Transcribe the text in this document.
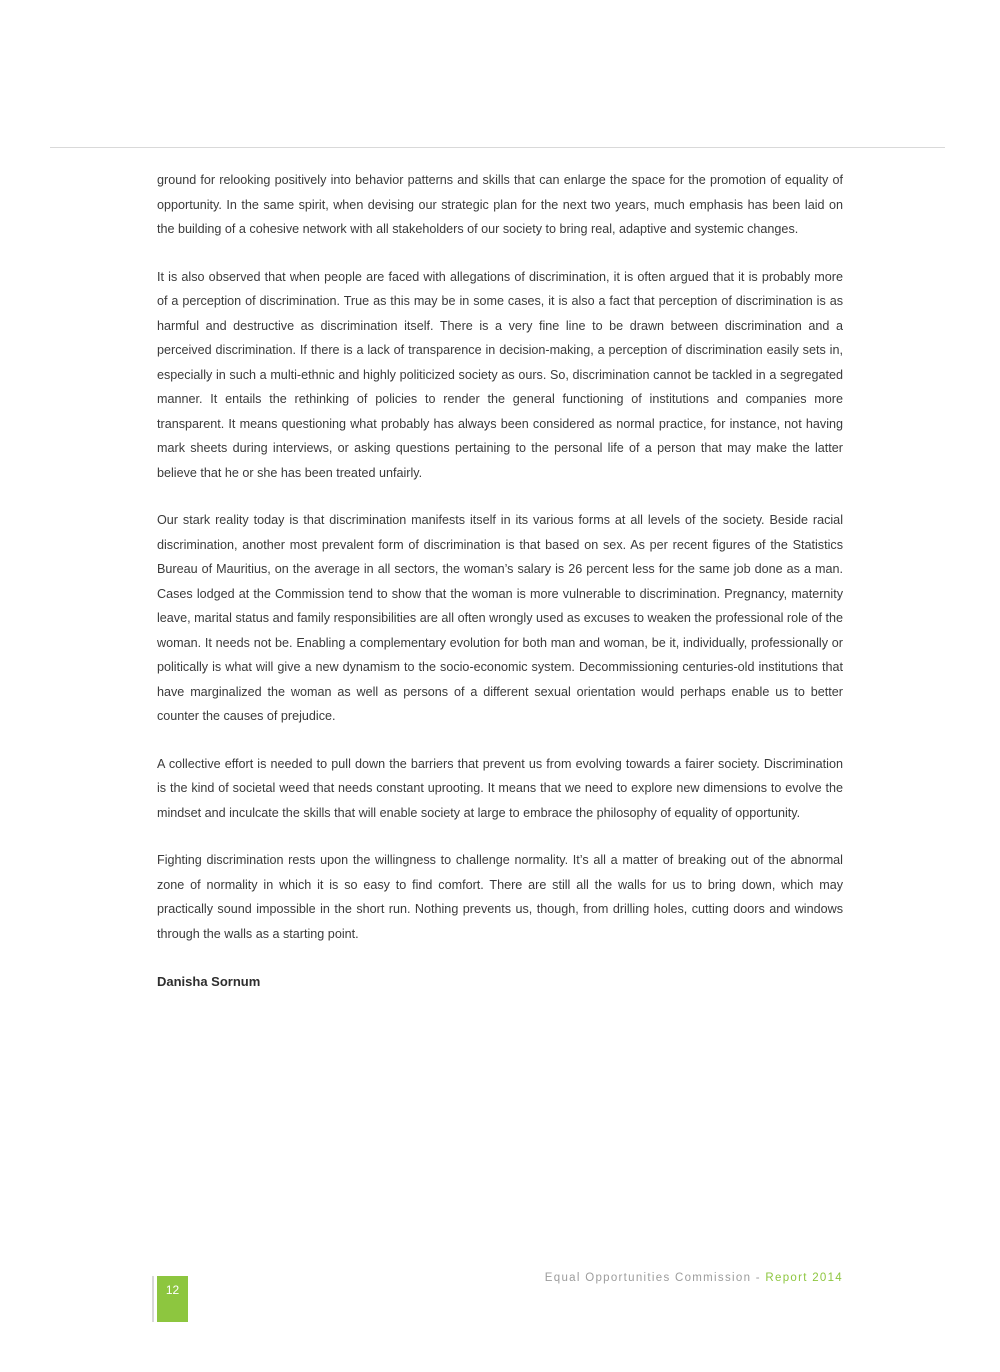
ground for relooking positively into behavior patterns and skills that can enlarge the space for the promotion of equality of opportunity. In the same spirit, when devising our strategic plan for the next two years, much emphasis has been laid on the building of a cohesive network with all stakeholders of our society to bring real, adaptive and systemic changes.

It is also observed that when people are faced with allegations of discrimination, it is often argued that it is probably more of a perception of discrimination. True as this may be in some cases, it is also a fact that perception of discrimination is as harmful and destructive as discrimination itself. There is a very fine line to be drawn between discrimination and a perceived discrimination. If there is a lack of transparence in decision-making, a perception of discrimination easily sets in, especially in such a multi-ethnic and highly politicized society as ours. So, discrimination cannot be tackled in a segregated manner. It entails the rethinking of policies to render the general functioning of institutions and companies more transparent. It means questioning what probably has always been considered as normal practice, for instance, not having mark sheets during interviews, or asking questions pertaining to the personal life of a person that may make the latter believe that he or she has been treated unfairly.

Our stark reality today is that discrimination manifests itself in its various forms at all levels of the society. Beside racial discrimination, another most prevalent form of discrimination is that based on sex. As per recent figures of the Statistics Bureau of Mauritius, on the average in all sectors, the woman’s salary is 26 percent less for the same job done as a man. Cases lodged at the Commission tend to show that the woman is more vulnerable to discrimination. Pregnancy, maternity leave, marital status and family responsibilities are all often wrongly used as excuses to weaken the professional role of the woman. It needs not be. Enabling a complementary evolution for both man and woman, be it, individually, professionally or politically is what will give a new dynamism to the socio-economic system. Decommissioning centuries-old institutions that have marginalized the woman as well as persons of a different sexual orientation would perhaps enable us to better counter the causes of prejudice.

A collective effort is needed to pull down the barriers that prevent us from evolving towards a fairer society. Discrimination is the kind of societal weed that needs constant uprooting. It means that we need to explore new dimensions to evolve the mindset and inculcate the skills that will enable society at large to embrace the philosophy of equality of opportunity.

Fighting discrimination rests upon the willingness to challenge normality. It’s all a matter of breaking out of the abnormal zone of normality in which it is so easy to find comfort. There are still all the walls for us to bring down, which may practically sound impossible in the short run. Nothing prevents us, though, from drilling holes, cutting doors and windows through the walls as a starting point.

Danisha Sornum
12
Equal Opportunities Commission - Report 2014
